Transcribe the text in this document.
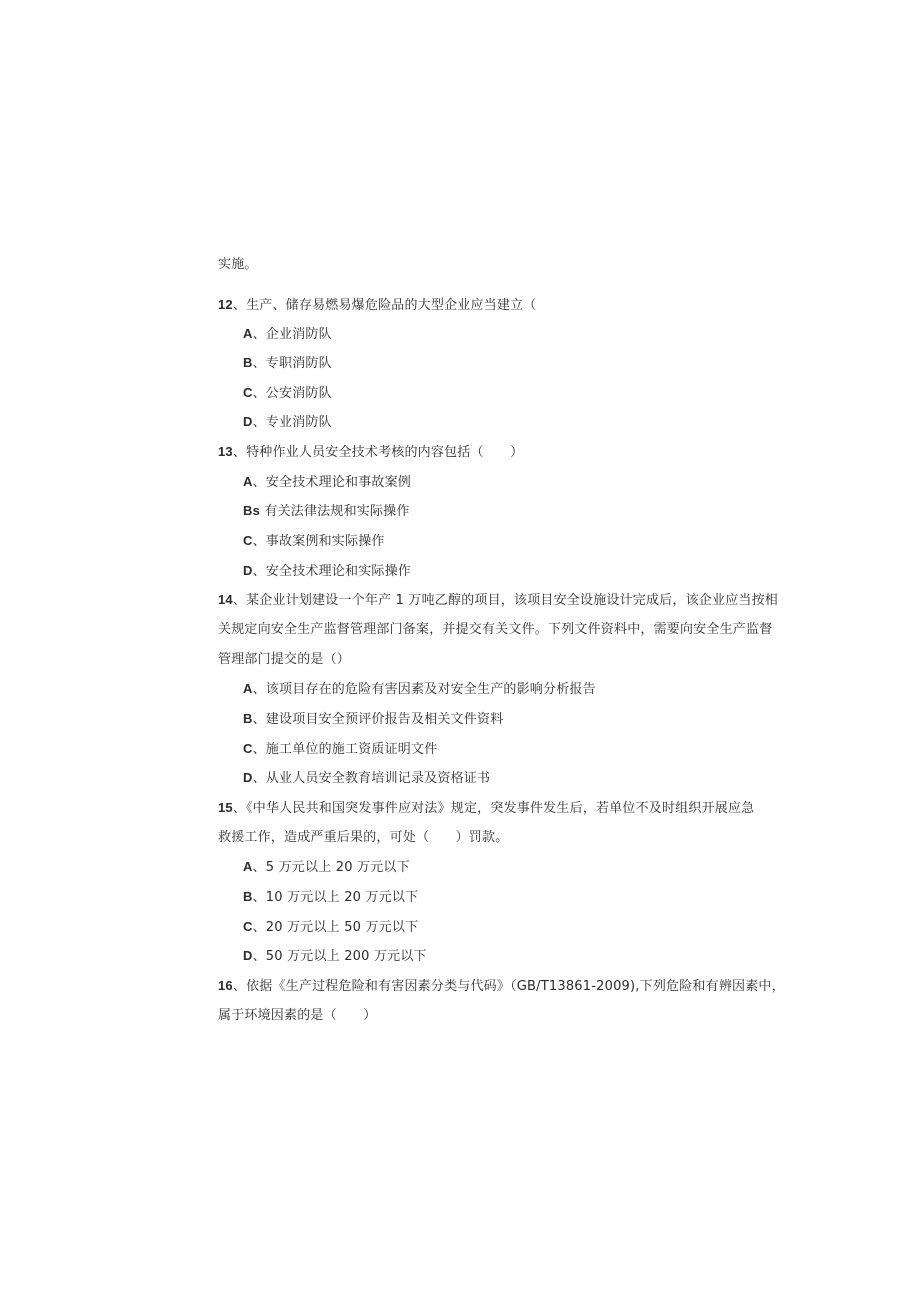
实施。
12、生产、储存易燃易爆危险品的大型企业应当建立（
A、企业消防队
B、专职消防队
C、公安消防队
D、专业消防队
13、特种作业人员安全技术考核的内容包括（　　）
A、安全技术理论和事故案例
Bs 有关法律法规和实际操作
C、事故案例和实际操作
D、安全技术理论和实际操作
14、某企业计划建设一个年产 1 万吨乙醇的项目，该项目安全设施设计完成后，该企业应当按相
关规定向安全生产监督管理部门备案，并提交有关文件。下列文件资料中，需要向安全生产监督
管理部门提交的是（）
A、该项目存在的危险有害因素及对安全生产的影响分析报告
B、建设项目安全预评价报告及相关文件资料
C、施工单位的施工资质证明文件
D、从业人员安全教育培训记录及资格证书
15、《中华人民共和国突发事件应对法》规定，突发事件发生后，若单位不及时组织开展应急
救援工作，造成严重后果的，可处（　　）罚款。
A、5 万元以上 20 万元以下
B、10 万元以上 20 万元以下
C、20 万元以上 50 万元以下
D、50 万元以上 200 万元以下
16、依据《生产过程危险和有害因素分类与代码》（GB/T13861-2009),下列危险和有辨因素中，
属于环境因素的是（　　）
